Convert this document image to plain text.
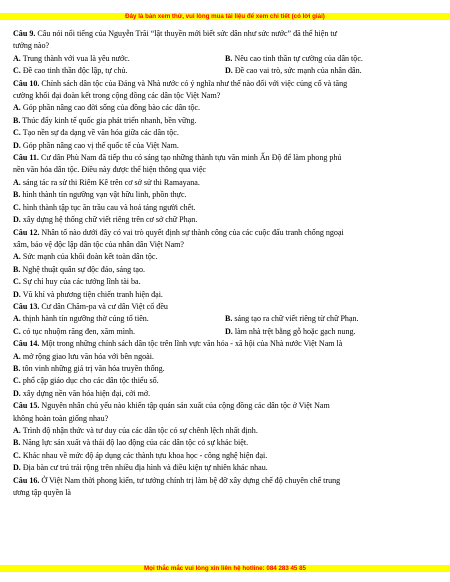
Đây là bản xem thử, vui lòng mua tài liệu để xem chi tiết (có lời giải)
Câu 9. Câu nói nổi tiếng của Nguyễn Trãi “lật thuyền mới biết sức dân như sức nước” đã thể hiện tư
tưởng nào?
A. Trung thành với vua là yêu nước.	B. Nêu cao tinh thần tự cường của dân tộc.
C. Đề cao tinh thần độc lập, tự chủ.	D. Đề cao vai trò, sức mạnh của nhân dân.
Câu 10. Chính sách dân tộc của Đảng và Nhà nước có ý nghĩa như thế nào đối với việc củng cố và tăng
cường khối đại đoàn kết trong cộng đồng các dân tộc Việt Nam?
A. Góp phần nâng cao đời sống của đồng bào các dân tộc.
B. Thúc đẩy kinh tế quốc gia phát triển nhanh, bền vững.
C. Tạo nền sự đa dạng về văn hóa giữa các dân tộc.
D. Góp phần nâng cao vị thế quốc tế của Việt Nam.
Câu 11. Cư dân Phù Nam đã tiếp thu có sáng tạo những thành tựu văn minh Ấn Độ để làm phong phú
nền văn hóa dân tộc. Điều này được thể hiện thông qua việc
A. sáng tác ra sử thi Riêm Kê trên cơ sở sử thi Ramayana.
B. hình thành tín ngưỡng vạn vật hữu linh, phồn thực.
C. hình thành tập tục ăn trầu cau và hoả táng người chết.
D. xây dựng hệ thống chữ viết riêng trên cơ sở chữ Phạn.
Câu 12. Nhân tố nào dưới đây có vai trò quyết định sự thành công của các cuộc đấu tranh chống ngoại
xâm, bảo vệ độc lập dân tộc của nhân dân Việt Nam?
A. Sức mạnh của khối đoàn kết toàn dân tộc.
B. Nghệ thuật quân sự độc đáo, sáng tạo.
C. Sự chỉ huy của các tướng lĩnh tài ba.
D. Vũ khí và phương tiện chiến tranh hiện đại.
Câu 13. Cư dân Chăm-pa và cư dân Việt cổ đều
A. thịnh hành tín ngưỡng thờ cúng tổ tiên.	B. sáng tạo ra chữ viết riêng từ chữ Phạn.
C. có tục nhuộm răng đen, xăm mình.	D. làm nhà trệt bằng gỗ hoặc gạch nung.
Câu 14. Một trong những chính sách dân tộc trên lĩnh vực văn hóa - xã hội của Nhà nước Việt Nam là
A. mở rộng giao lưu văn hóa với bên ngoài.
B. tôn vinh những giá trị văn hóa truyền thống.
C. phổ cập giáo dục cho các dân tộc thiểu số.
D. xây dựng nền văn hóa hiện đại, cởi mở.
Câu 15. Nguyên nhân chủ yếu nào khiến tập quán sản xuất của cộng đồng các dân tộc ở Việt Nam
không hoàn toàn giống nhau?
A. Trình độ nhận thức và tư duy của các dân tộc có sự chênh lệch nhất định.
B. Năng lực sản xuất và thái độ lao động của các dân tộc có sự khác biệt.
C. Khác nhau về mức độ áp dụng các thành tựu khoa học - công nghệ hiện đại.
D. Địa bàn cư trú trải rộng trên nhiều địa hình và điều kiện tự nhiên khác nhau.
Câu 16. Ở Việt Nam thời phong kiến, tư tưởng chính trị làm bệ đỡ xây dựng chế độ chuyên chế trung
ương tập quyền là
Mọi thắc mắc vui lòng xin liên hệ hotline: 084 283 45 85
